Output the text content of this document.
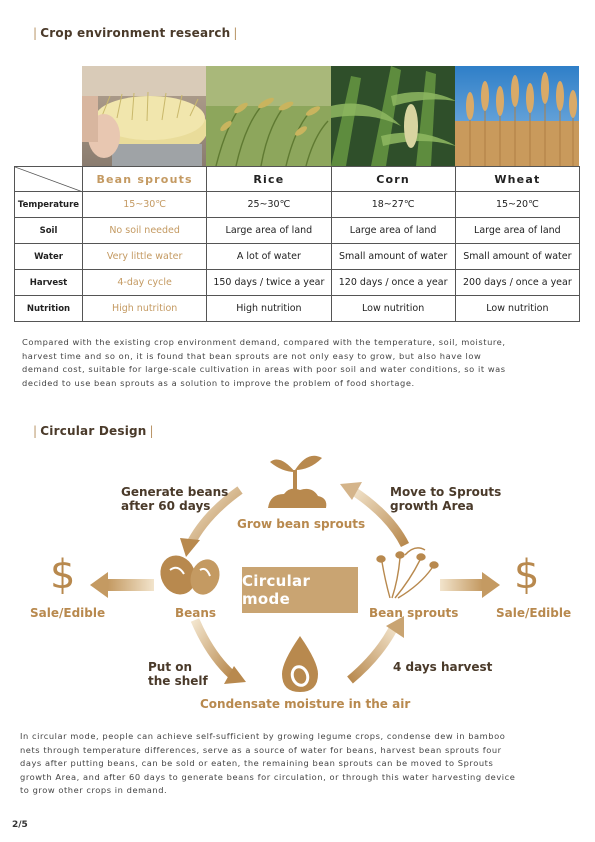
| Crop environment research |
	Bean sprouts	Rice	Corn	Wheat
Temperature	15~30℃	25~30℃	18~27℃	15~20℃
Soil	No soil needed	Large area of land	Large area of land	Large area of land
Water	Very little water	A lot of water	Small amount of water	Small amount of water
Harvest	4-day cycle	150 days / twice a year	120 days / once a year	200 days / once a year
Nutrition	High nutrition	High nutrition	Low nutrition	Low nutrition
Compared with the existing crop environment demand, compared with the temperature, soil, moisture,
harvest time and so on, it is found that bean sprouts are not only easy to grow, but also have low
demand cost, suitable for large-scale cultivation in areas with poor soil and water conditions, so it was
decided to use bean sprouts as a solution to improve the problem of food shortage.
| Circular Design |
$	$
Grow bean sprouts
Generate beans
after 60 days
Move to Sprouts
growth Area
Beans	Bean sprouts
Sale/Edible	Sale/Edible
Put on
the shelf
4 days harvest
Condensate moisture in the air
Circular mode
In circular mode, people can achieve self-sufficient by growing legume crops, condense dew in bamboo
nets through temperature differences, serve as a source of water for beans, harvest bean sprouts four
days after putting beans, can be sold or eaten, the remaining bean sprouts can be moved to Sprouts
growth Area, and after 60 days to generate beans for circulation, or through this water harvesting device
to grow other crops in demand.
2/5
